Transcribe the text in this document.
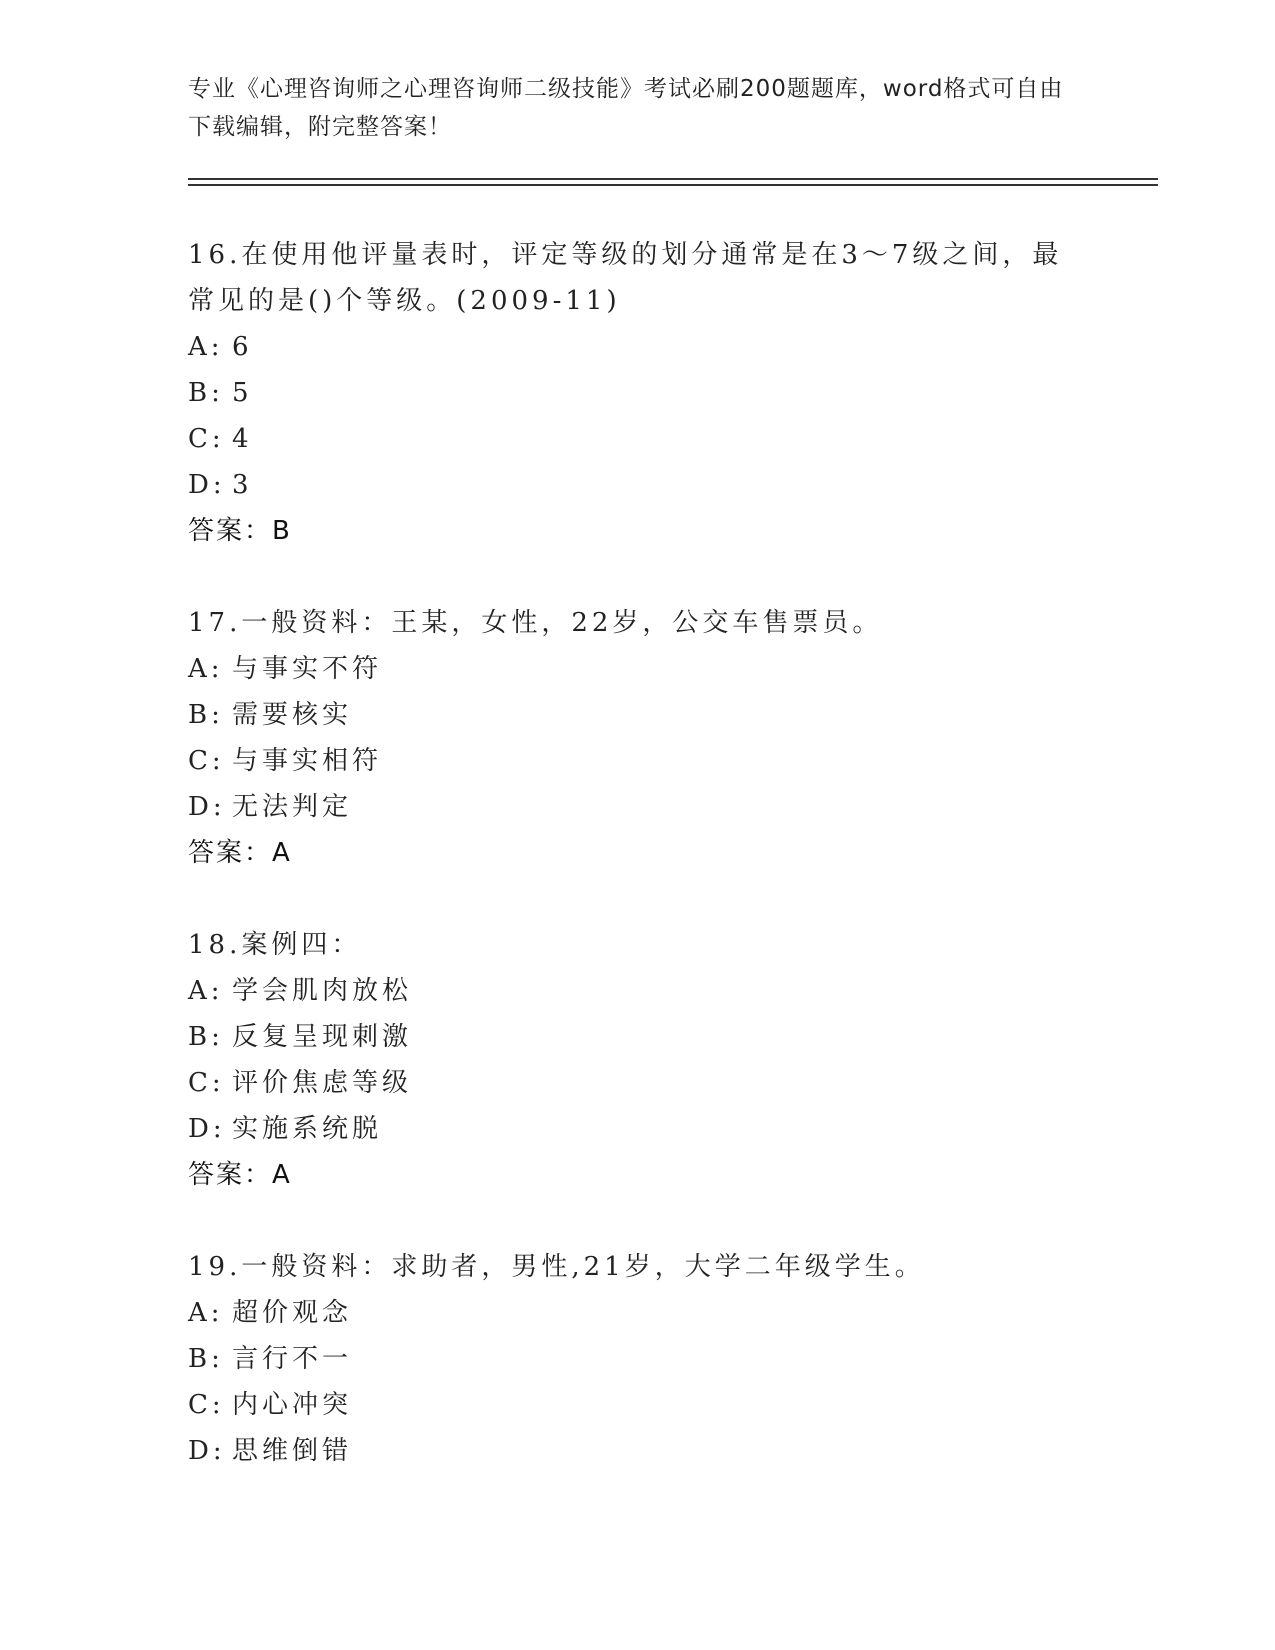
专业《心理咨询师之心理咨询师二级技能》考试必刷200题题库，word格式可自由下载编辑，附完整答案！
16.在使用他评量表时，评定等级的划分通常是在3～7级之间，最常见的是()个等级。(2009-11)
A: 6
B: 5
C: 4
D: 3
答案：B
17.一般资料：王某，女性，22岁，公交车售票员。
A: 与事实不符
B: 需要核实
C: 与事实相符
D: 无法判定
答案：A
18.案例四：
A: 学会肌肉放松
B: 反复呈现刺激
C: 评价焦虑等级
D: 实施系统脱
答案：A
19.一般资料：求助者，男性,21岁，大学二年级学生。
A: 超价观念
B: 言行不一
C: 内心冲突
D: 思维倒错
